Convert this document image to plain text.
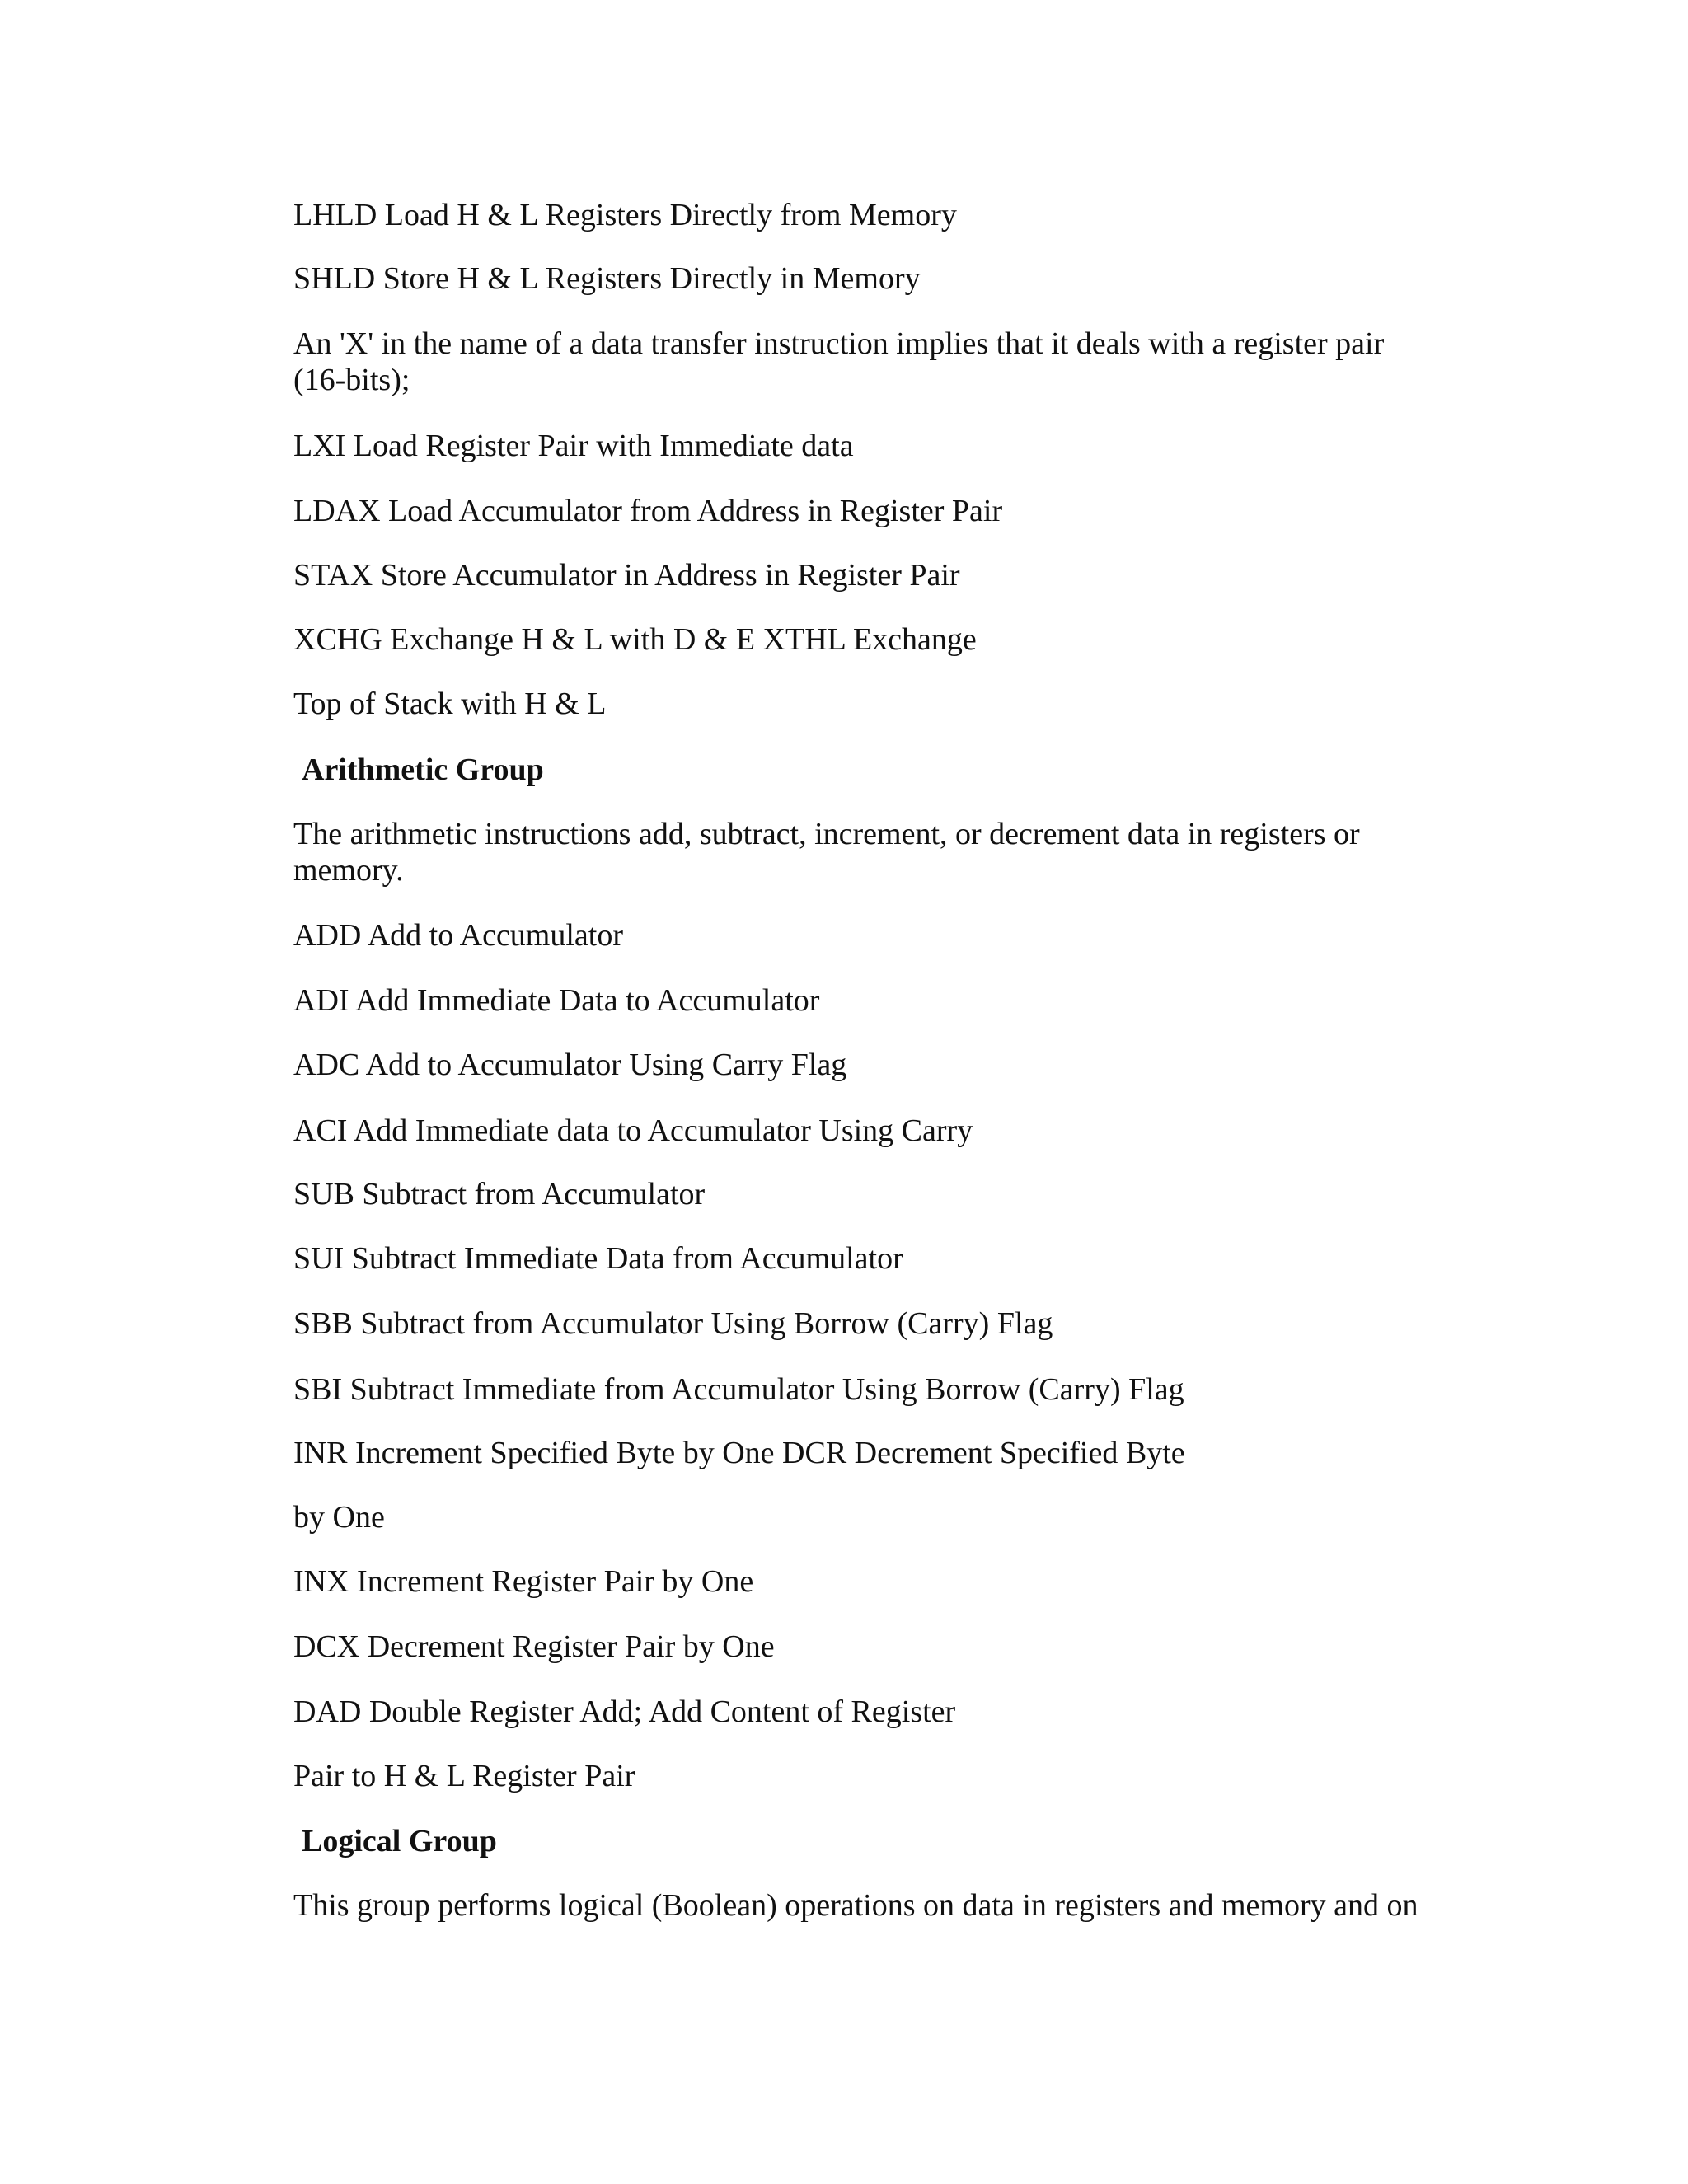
LHLD Load H & L Registers Directly from Memory

SHLD Store H & L Registers Directly in Memory

An 'X' in the name of a data transfer instruction implies that it deals with a register pair

(16-bits);

LXI Load Register Pair with Immediate data

LDAX Load Accumulator from Address in Register Pair

STAX Store Accumulator in Address in Register Pair

XCHG Exchange H & L with D & E XTHL Exchange

Top of Stack with H & L

Arithmetic Group

The arithmetic instructions add, subtract, increment, or decrement data in registers or

memory.

ADD Add to Accumulator

ADI Add Immediate Data to Accumulator

ADC Add to Accumulator Using Carry Flag

ACI Add Immediate data to Accumulator Using Carry

SUB Subtract from Accumulator

SUI Subtract Immediate Data from Accumulator

SBB Subtract from Accumulator Using Borrow (Carry) Flag

SBI Subtract Immediate from Accumulator Using Borrow (Carry) Flag

INR Increment Specified Byte by One DCR Decrement Specified Byte

by One

INX Increment Register Pair by One

DCX Decrement Register Pair by One

DAD Double Register Add; Add Content of Register

Pair to H & L Register Pair

Logical Group

This group performs logical (Boolean) operations on data in registers and memory and on
